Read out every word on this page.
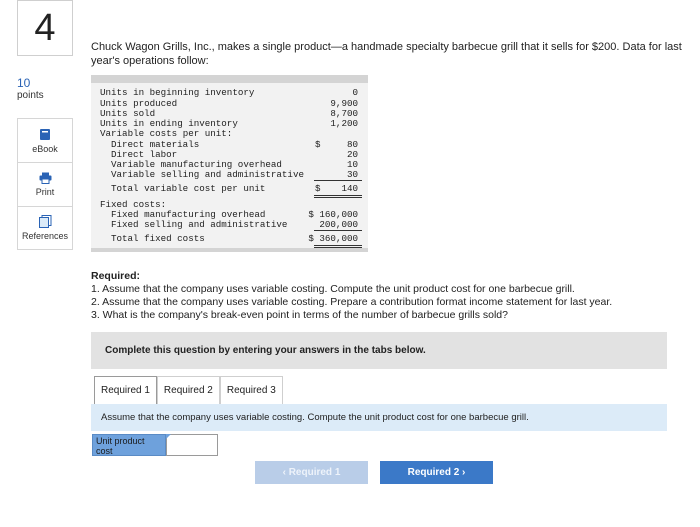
4
10
points
eBook
Print
References
Chuck Wagon Grills, Inc., makes a single product—a handmade specialty barbecue grill that it sells for $200. Data for last year's operations follow:
Units in beginning inventory	0
Units produced	9,900
Units sold	8,700
Units in ending inventory	1,200
Variable costs per unit:
Direct materials	$	80
Direct labor	20
Variable manufacturing overhead	10
Variable selling and administrative	30
Total variable cost per unit	$ 140
Fixed costs:
Fixed manufacturing overhead	$ 160,000
Fixed selling and administrative	200,000
Total fixed costs	$ 360,000
Required:
1. Assume that the company uses variable costing. Compute the unit product cost for one barbecue grill.
2. Assume that the company uses variable costing. Prepare a contribution format income statement for last year.
3. What is the company's break-even point in terms of the number of barbecue grills sold?
Complete this question by entering your answers in the tabs below.
Required 1	Required 2	Required 3
Assume that the company uses variable costing. Compute the unit product cost for one barbecue grill.
Unit product cost
‹ Required 1	Required 2 ›
